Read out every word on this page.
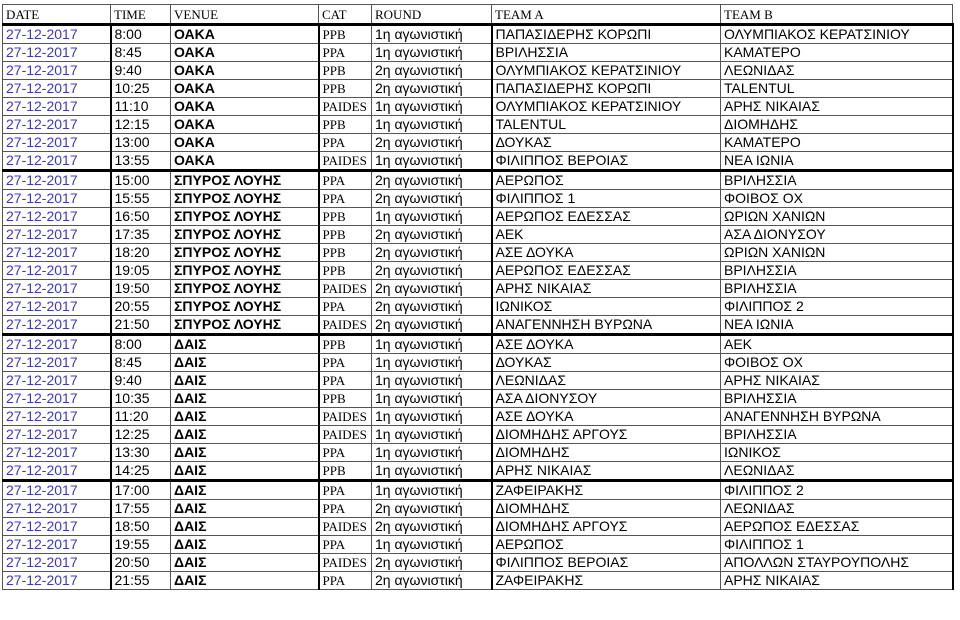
DATE	TIME	VENUE	CAT	ROUND	TEAM A	TEAM B
27-12-2017	8:00	ΟΑΚΑ	PPB	1η αγωνιστική	ΠΑΠΑΣΙΔΕΡΗΣ ΚΟΡΩΠΙ	ΟΛΥΜΠΙΑΚΟΣ ΚΕΡΑΤΣΙΝΙΟΥ
27-12-2017	8:45	ΟΑΚΑ	PPA	1η αγωνιστική	ΒΡΙΛΗΣΣΙΑ	ΚΑΜΑΤΕΡΟ
27-12-2017	9:40	ΟΑΚΑ	PPB	2η αγωνιστική	ΟΛΥΜΠΙΑΚΟΣ ΚΕΡΑΤΣΙΝΙΟΥ	ΛΕΩΝΙΔΑΣ
27-12-2017	10:25	ΟΑΚΑ	PPB	2η αγωνιστική	ΠΑΠΑΣΙΔΕΡΗΣ ΚΟΡΩΠΙ	TALENTUL
27-12-2017	11:10	ΟΑΚΑ	PAIDES	1η αγωνιστική	ΟΛΥΜΠΙΑΚΟΣ ΚΕΡΑΤΣΙΝΙΟΥ	ΑΡΗΣ ΝΙΚΑΙΑΣ
27-12-2017	12:15	ΟΑΚΑ	PPB	1η αγωνιστική	TALENTUL	ΔΙΟΜΗΔΗΣ
27-12-2017	13:00	ΟΑΚΑ	PPA	2η αγωνιστική	ΔΟΥΚΑΣ	ΚΑΜΑΤΕΡΟ
27-12-2017	13:55	ΟΑΚΑ	PAIDES	1η αγωνιστική	ΦΙΛΙΠΠΟΣ ΒΕΡΟΙΑΣ	ΝΕΑ ΙΩΝΙΑ
27-12-2017	15:00	ΣΠΥΡΟΣ ΛΟΥΗΣ	PPA	2η αγωνιστική	ΑΕΡΩΠΟΣ	ΒΡΙΛΗΣΣΙΑ
27-12-2017	15:55	ΣΠΥΡΟΣ ΛΟΥΗΣ	PPA	2η αγωνιστική	ΦΙΛΙΠΠΟΣ 1	ΦΟΙΒΟΣ ΟΧ
27-12-2017	16:50	ΣΠΥΡΟΣ ΛΟΥΗΣ	PPB	1η αγωνιστική	ΑΕΡΩΠΟΣ ΕΔΕΣΣΑΣ	ΩΡΙΩΝ ΧΑΝΙΩΝ
27-12-2017	17:35	ΣΠΥΡΟΣ ΛΟΥΗΣ	PPB	2η αγωνιστική	ΑΕΚ	ΑΣΑ ΔΙΟΝΥΣΟΥ
27-12-2017	18:20	ΣΠΥΡΟΣ ΛΟΥΗΣ	PPB	2η αγωνιστική	ΑΣΕ ΔΟΥΚΑ	ΩΡΙΩΝ ΧΑΝΙΩΝ
27-12-2017	19:05	ΣΠΥΡΟΣ ΛΟΥΗΣ	PPB	2η αγωνιστική	ΑΕΡΩΠΟΣ ΕΔΕΣΣΑΣ	ΒΡΙΛΗΣΣΙΑ
27-12-2017	19:50	ΣΠΥΡΟΣ ΛΟΥΗΣ	PAIDES	2η αγωνιστική	ΑΡΗΣ ΝΙΚΑΙΑΣ	ΒΡΙΛΗΣΣΙΑ
27-12-2017	20:55	ΣΠΥΡΟΣ ΛΟΥΗΣ	PPA	2η αγωνιστική	ΙΩΝΙΚΟΣ	ΦΙΛΙΠΠΟΣ 2
27-12-2017	21:50	ΣΠΥΡΟΣ ΛΟΥΗΣ	PAIDES	2η αγωνιστική	ΑΝΑΓΕΝΝΗΣΗ ΒΥΡΩΝΑ	ΝΕΑ ΙΩΝΙΑ
27-12-2017	8:00	ΔΑΙΣ	PPB	1η αγωνιστική	ΑΣΕ ΔΟΥΚΑ	ΑΕΚ
27-12-2017	8:45	ΔΑΙΣ	PPA	1η αγωνιστική	ΔΟΥΚΑΣ	ΦΟΙΒΟΣ ΟΧ
27-12-2017	9:40	ΔΑΙΣ	PPA	1η αγωνιστική	ΛΕΩΝΙΔΑΣ	ΑΡΗΣ ΝΙΚΑΙΑΣ
27-12-2017	10:35	ΔΑΙΣ	PPB	1η αγωνιστική	ΑΣΑ ΔΙΟΝΥΣΟΥ	ΒΡΙΛΗΣΣΙΑ
27-12-2017	11:20	ΔΑΙΣ	PAIDES	1η αγωνιστική	ΑΣΕ ΔΟΥΚΑ	ΑΝΑΓΕΝΝΗΣΗ ΒΥΡΩΝΑ
27-12-2017	12:25	ΔΑΙΣ	PAIDES	1η αγωνιστική	ΔΙΟΜΗΔΗΣ ΑΡΓΟΥΣ	ΒΡΙΛΗΣΣΙΑ
27-12-2017	13:30	ΔΑΙΣ	PPA	1η αγωνιστική	ΔΙΟΜΗΔΗΣ	ΙΩΝΙΚΟΣ
27-12-2017	14:25	ΔΑΙΣ	PPB	1η αγωνιστική	ΑΡΗΣ ΝΙΚΑΙΑΣ	ΛΕΩΝΙΔΑΣ
27-12-2017	17:00	ΔΑΙΣ	PPA	1η αγωνιστική	ΖΑΦΕΙΡΑΚΗΣ	ΦΙΛΙΠΠΟΣ 2
27-12-2017	17:55	ΔΑΙΣ	PPA	2η αγωνιστική	ΔΙΟΜΗΔΗΣ	ΛΕΩΝΙΔΑΣ
27-12-2017	18:50	ΔΑΙΣ	PAIDES	2η αγωνιστική	ΔΙΟΜΗΔΗΣ ΑΡΓΟΥΣ	ΑΕΡΩΠΟΣ ΕΔΕΣΣΑΣ
27-12-2017	19:55	ΔΑΙΣ	PPA	1η αγωνιστική	ΑΕΡΩΠΟΣ	ΦΙΛΙΠΠΟΣ 1
27-12-2017	20:50	ΔΑΙΣ	PAIDES	2η αγωνιστική	ΦΙΛΙΠΠΟΣ ΒΕΡΟΙΑΣ	ΑΠΟΛΛΩΝ ΣΤΑΥΡΟΥΠΟΛΗΣ
27-12-2017	21:55	ΔΑΙΣ	PPA	2η αγωνιστική	ΖΑΦΕΙΡΑΚΗΣ	ΑΡΗΣ ΝΙΚΑΙΑΣ
